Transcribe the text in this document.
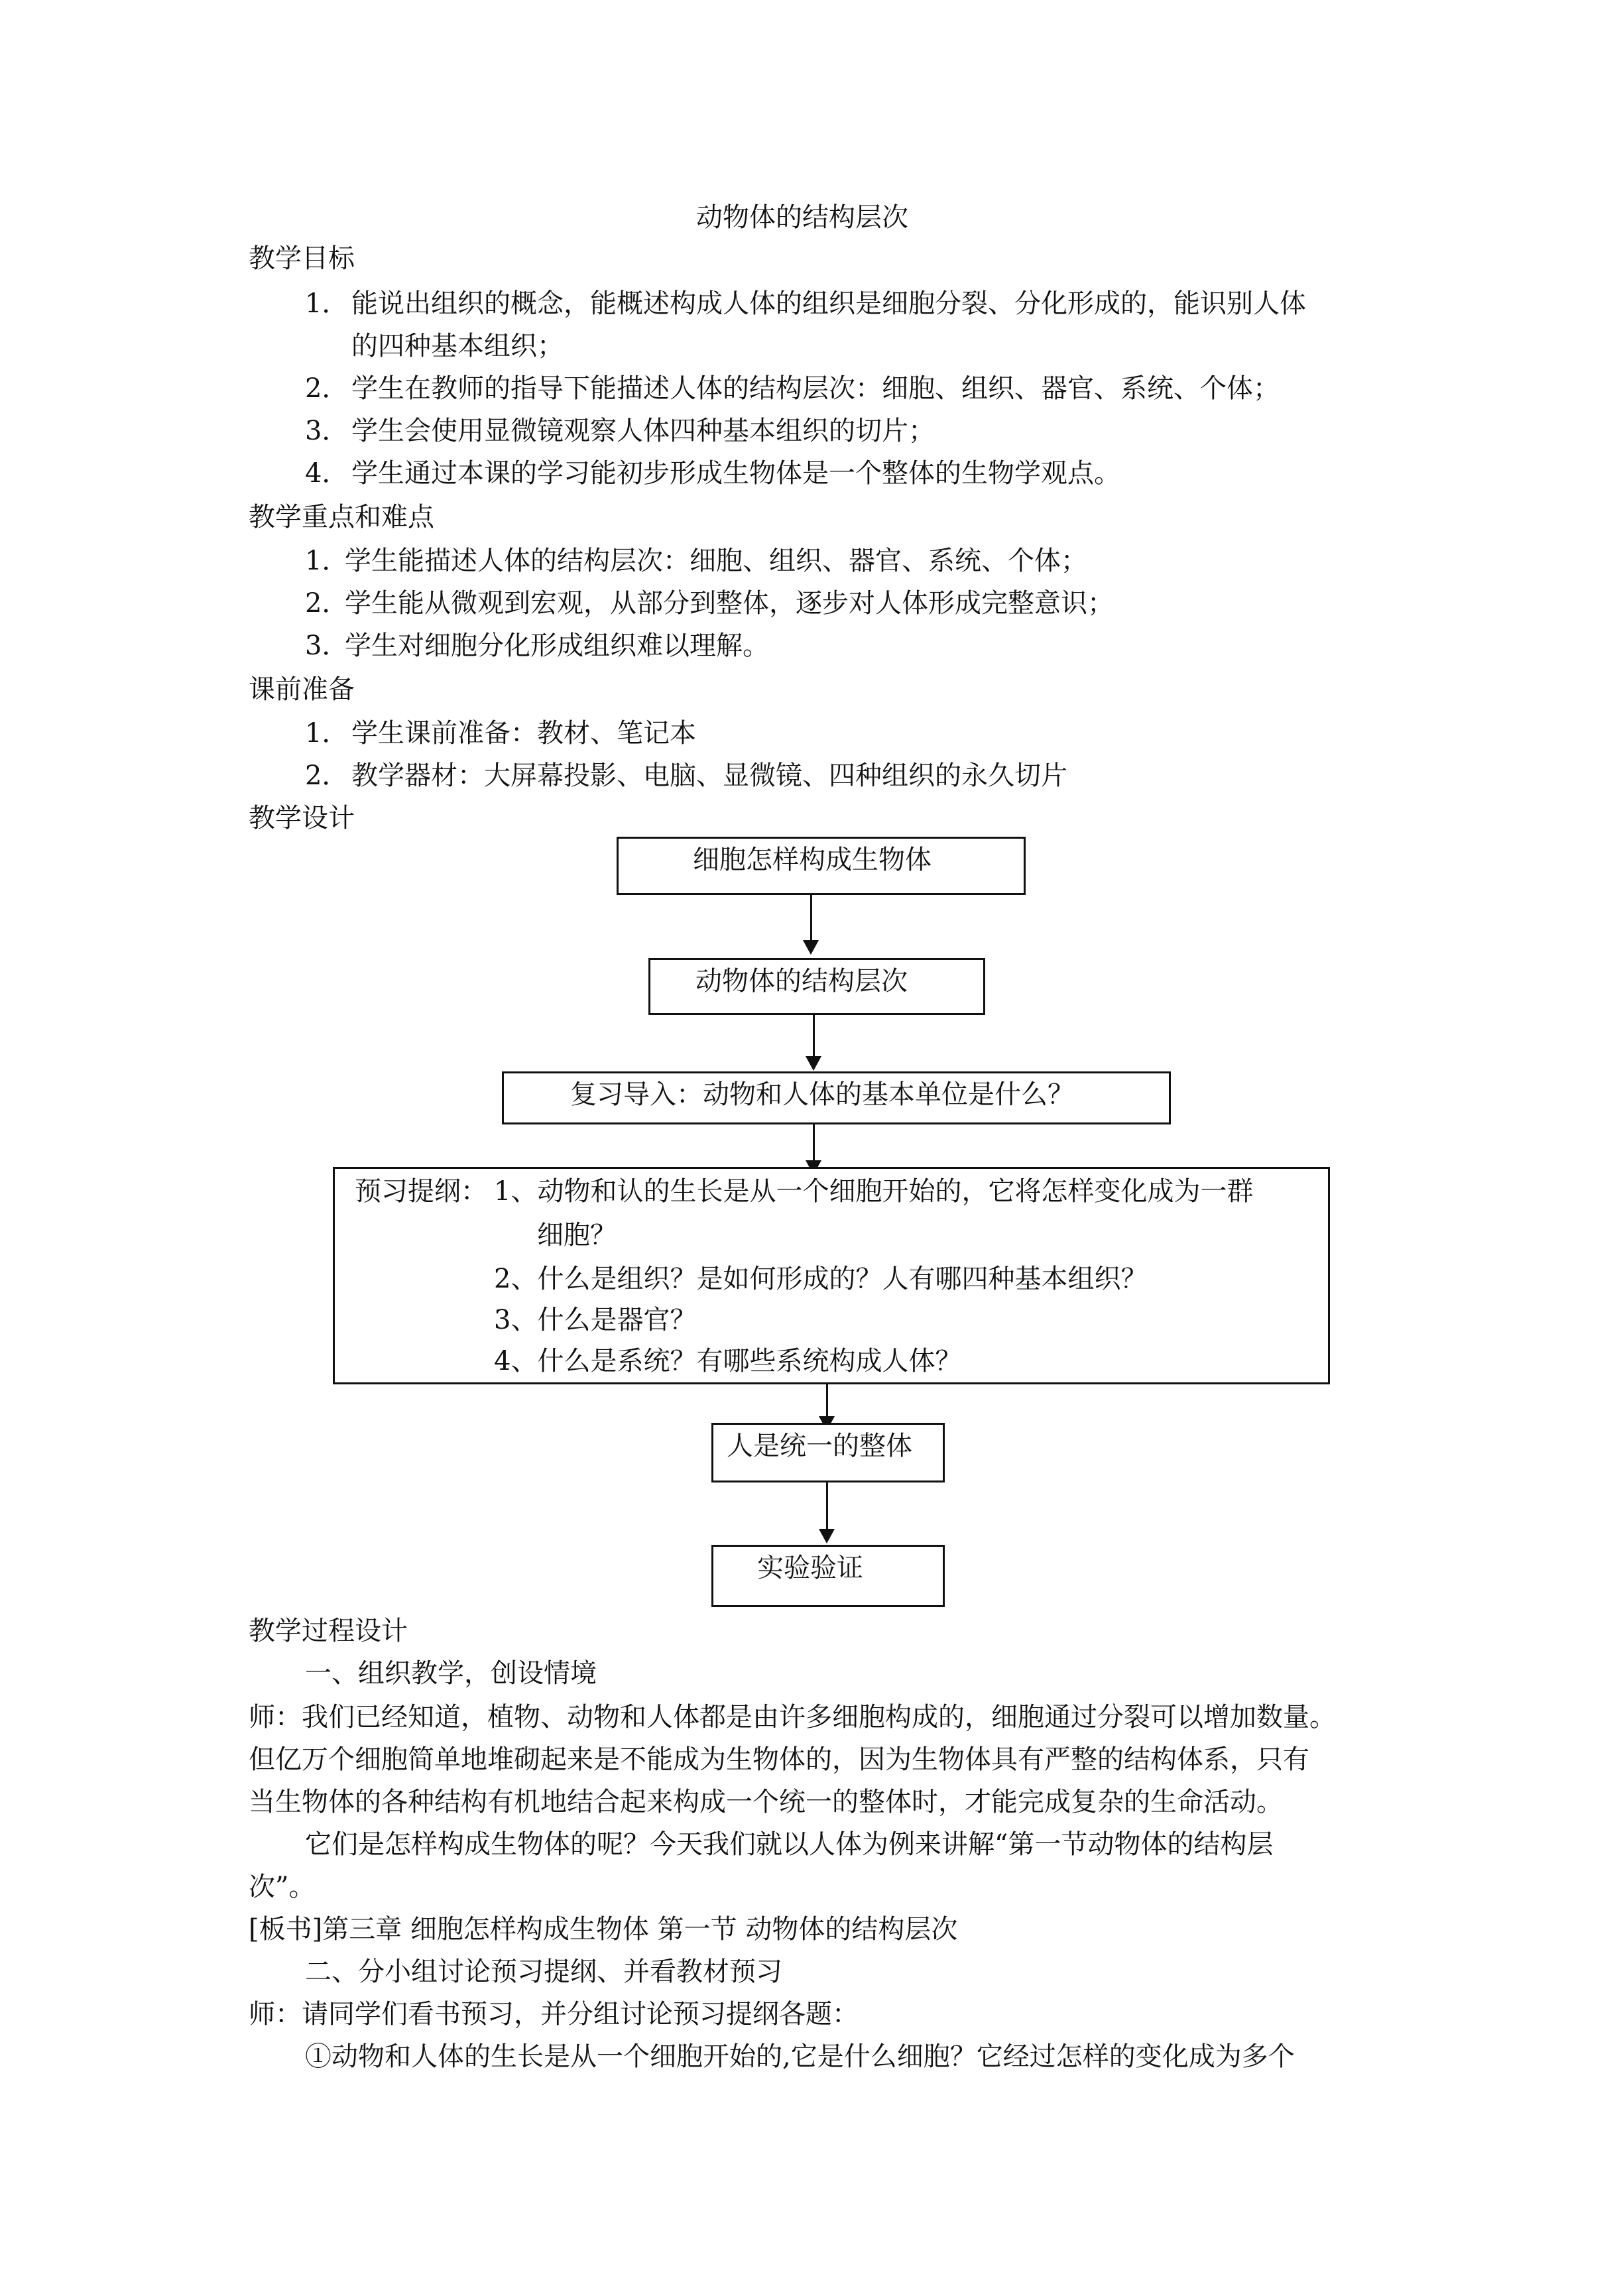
动物体的结构层次
教学目标
1． 能说出组织的概念，能概述构成人体的组织是细胞分裂、分化形成的，能识别人体
的四种基本组织；
2． 学生在教师的指导下能描述人体的结构层次：细胞、组织、器官、系统、个体；
3． 学生会使用显微镜观察人体四种基本组织的切片；
4． 学生通过本课的学习能初步形成生物体是一个整体的生物学观点。
教学重点和难点
1．学生能描述人体的结构层次：细胞、组织、器官、系统、个体；
2．学生能从微观到宏观，从部分到整体，逐步对人体形成完整意识；
3．学生对细胞分化形成组织难以理解。
课前准备
1． 学生课前准备：教材、笔记本
2． 教学器材：大屏幕投影、电脑、显微镜、四种组织的永久切片
教学设计
细胞怎样构成生物体
动物体的结构层次
复习导入：动物和人体的基本单位是什么？
预习提纲： 1、动物和认的生长是从一个细胞开始的，它将怎样变化成为一群
细胞？
2、什么是组织？是如何形成的？人有哪四种基本组织？
3、什么是器官？
4、什么是系统？有哪些系统构成人体？
人是统一的整体
实验验证
教学过程设计
一、组织教学，创设情境
师：我们已经知道，植物、动物和人体都是由许多细胞构成的，细胞通过分裂可以增加数量。
但亿万个细胞简单地堆砌起来是不能成为生物体的，因为生物体具有严整的结构体系，只有
当生物体的各种结构有机地结合起来构成一个统一的整体时，才能完成复杂的生命活动。
它们是怎样构成生物体的呢？今天我们就以人体为例来讲解“第一节动物体的结构层
次”。
[板书]第三章 细胞怎样构成生物体 第一节 动物体的结构层次
二、分小组讨论预习提纲、并看教材预习
师：请同学们看书预习，并分组讨论预习提纲各题：
①动物和人体的生长是从一个细胞开始的,它是什么细胞？它经过怎样的变化成为多个
